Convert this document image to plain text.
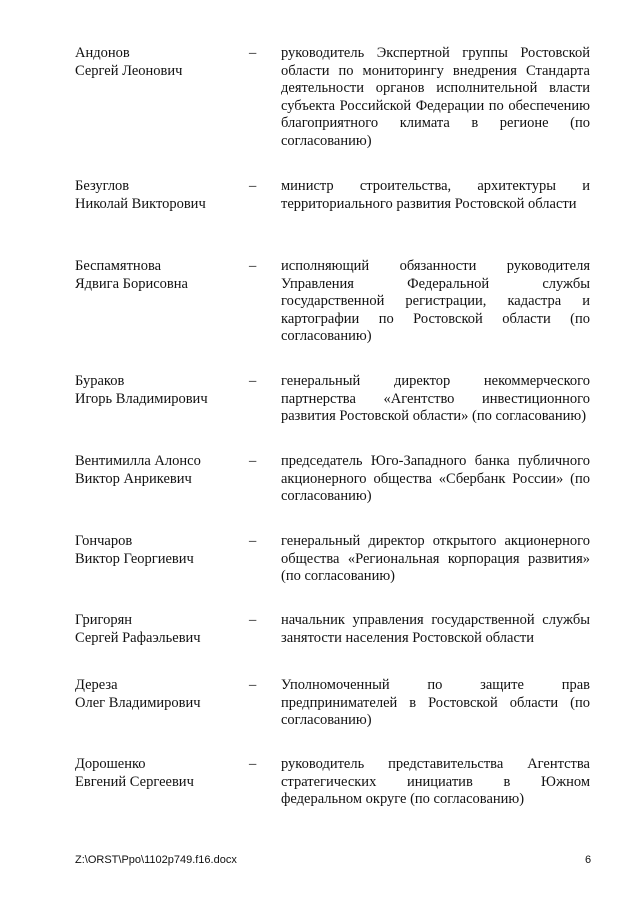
Андонов
Сергей Леонович
–	руководитель Экспертной группы Ростовской области по мониторингу внедрения Стандарта деятельности органов исполнительной власти субъекта Российской Федерации по обеспечению благоприятного климата в регионе (по согласованию)
Безуглов
Николай Викторович
–	министр строительства, архитектуры и территориального развития Ростовской области
Беспамятнова
Ядвига Борисовна
–	исполняющий обязанности руководителя Управления Федеральной службы государственной регистрации, кадастра и картографии по Ростовской области (по согласованию)
Бураков
Игорь Владимирович
–	генеральный директор некоммерческого партнерства «Агентство инвестиционного развития Ростовской области» (по согласованию)
Вентимилла Алонсо
Виктор Анрикевич
–	председатель Юго-Западного банка публичного акционерного общества «Сбербанк России» (по согласованию)
Гончаров
Виктор Георгиевич
–	генеральный директор открытого акционерного общества «Региональная корпорация развития» (по согласованию)
Григорян
Сергей Рафаэльевич
–	начальник управления государственной службы занятости населения Ростовской области
Дереза
Олег Владимирович
–	Уполномоченный по защите прав предпринимателей в Ростовской области (по согласованию)
Дорошенко
Евгений Сергеевич
–	руководитель представительства Агентства стратегических инициатив в Южном федеральном округе (по согласованию)
Z:\ORST\Ppo\1102p749.f16.docx	6
